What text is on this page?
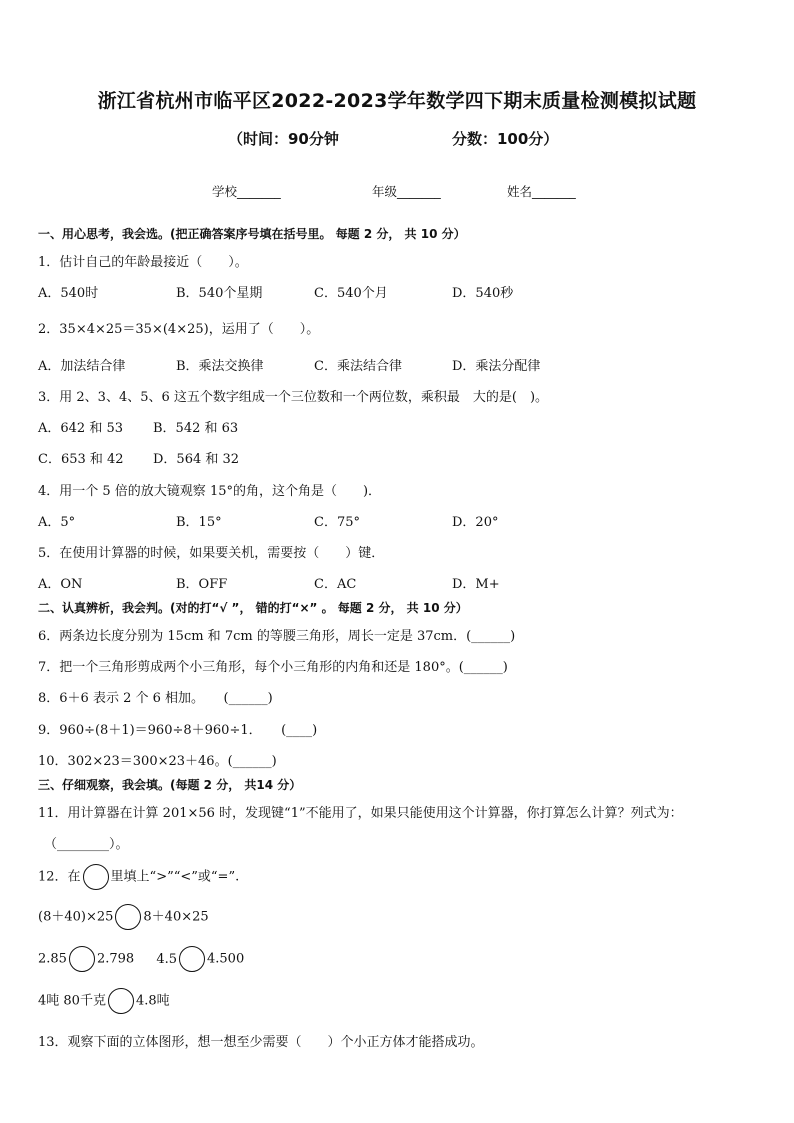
浙江省杭州市临平区2022-2023学年数学四下期末质量检测模拟试题
（时间：90分钟	分数：100分）
学校_______	年级_______	姓名_______
一、用心思考，我会选。(把正确答案序号填在括号里。 每题 2 分， 共 10 分）
1．估计自己的年龄最接近（　　）。
A．540时	B．540个星期	C．540个月	D．540秒
2．35×4×25＝35×(4×25)，运用了（　　）。
A．加法结合律	B．乘法交换律	C．乘法结合律	D．乘法分配律
3．用 2、3、4、5、6 这五个数字组成一个三位数和一个两位数，乘积最　大的是(　)。
A．642 和 53 B．542 和 63
C．653 和 42 D．564 和 32
4．用一个 5 倍的放大镜观察 15°的角，这个角是（　　)．
A．5°	B．15°	C．75°	D．20°
5．在使用计算器的时候，如果要关机，需要按（　　）键．
A．ON	B．OFF	C．AC	D．M+
二、认真辨析，我会判。(对的打“√ ”， 错的打“×” 。 每题 2 分， 共 10 分）
6．两条边长度分别为 15cm 和 7cm 的等腰三角形，周长一定是 37cm．(______)
7．把一个三角形剪成两个小三角形，每个小三角形的内角和还是 180°。(______)
8．6＋6 表示 2 个 6 相加。　　(______)
9．960÷(8＋1)＝960÷8＋960÷1．　　(____)
10．302×23＝300×23＋46。(______)
三、仔细观察，我会填。(每题 2 分， 共14 分）
11．用计算器在计算 201×56 时，发现键“1”不能用了，如果只能使用这个计算器，你打算怎么计算？列式为：
（________）。
12．在 里填上“>”“<”或“=”.
(8＋40)×25 8＋40×25
2.85 2.798 4.5 4.500
4吨 80千克 4.8吨
13．观察下面的立体图形，想一想至少需要（　　）个小正方体才能搭成功。
